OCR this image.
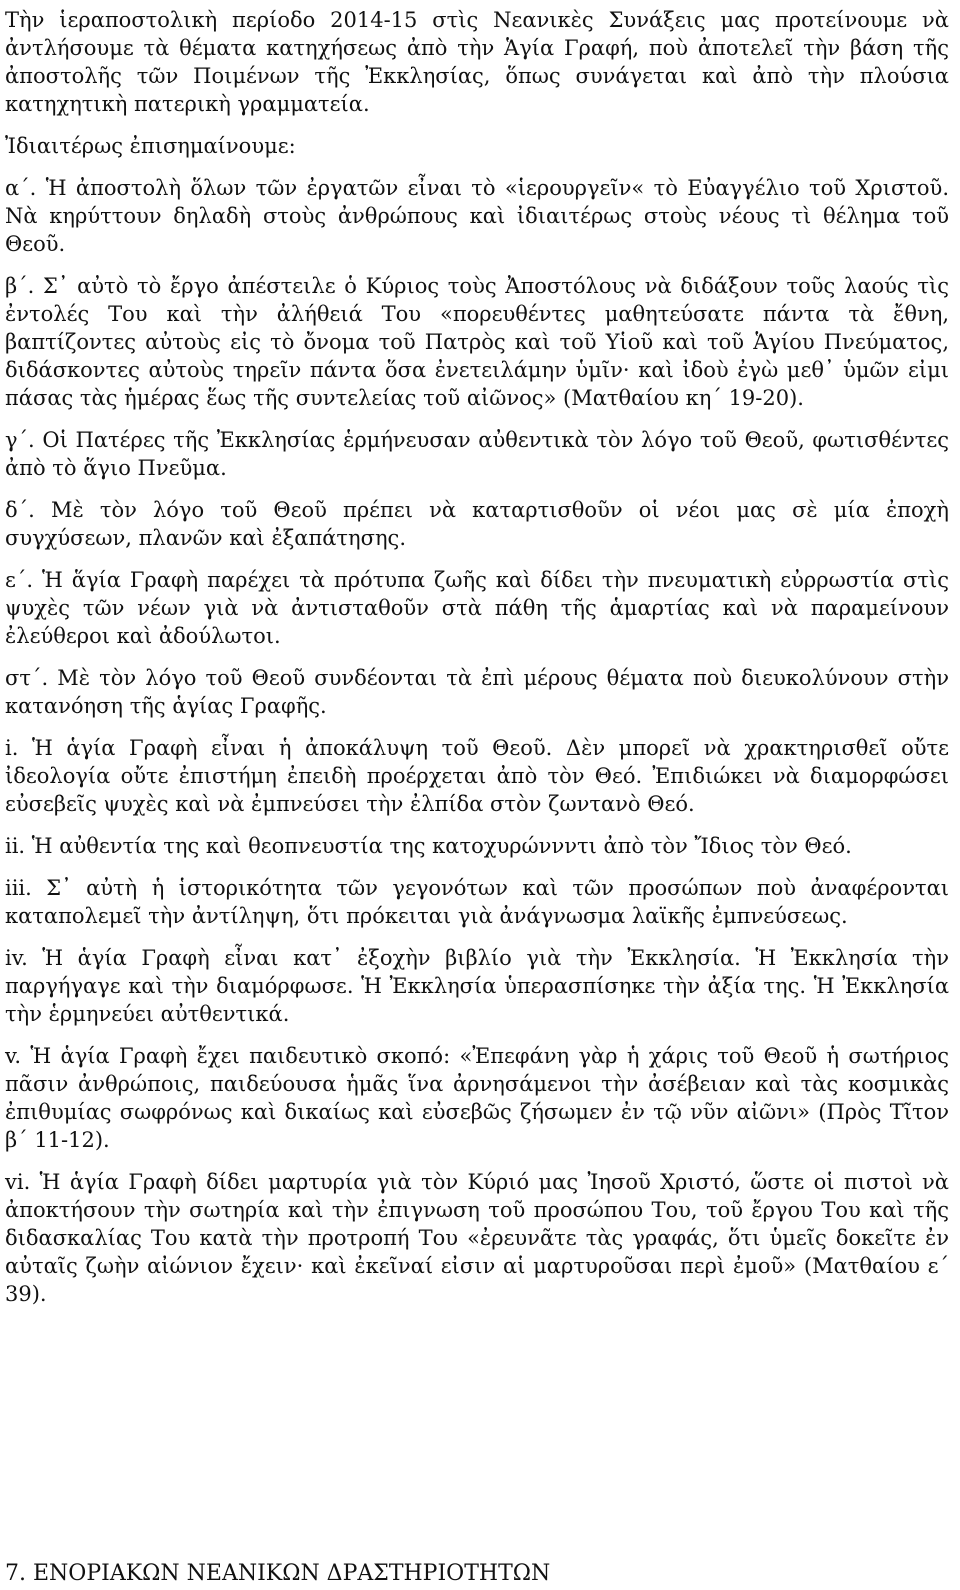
Τὴν ἱεραποστολικὴ περίοδο 2014-15 στὶς Νεανικὲς Συνάξεις μας προτείνουμε νὰ ἀντλήσουμε τὰ θέματα κατηχήσεως ἀπὸ τὴν Ἁγία Γραφή, ποὺ ἀποτελεῖ τὴν βάση τῆς ἀποστολῆς τῶν Ποιμένων τῆς Ἐκκλησίας, ὅπως συνάγεται καὶ ἀπὸ τὴν πλούσια κατηχητικὴ πατερικὴ γραμματεία.

Ἰδιαιτέρως ἐπισημαίνουμε:

α΄. Ἡ ἀποστολὴ ὅλων τῶν ἐργατῶν εἶναι τὸ «ἱερουργεῖν« τὸ Εὐαγγέλιο τοῦ Χριστοῦ. Νὰ κηρύττουν δηλαδὴ στοὺς ἀνθρώπους καὶ ἰδιαιτέρως στοὺς νέους τὶ θέλημα τοῦ Θεοῦ.

β΄. Σ᾽ αὐτὸ τὸ ἔργο ἀπέστειλε ὁ Κύριος τοὺς Ἀποστόλους νὰ διδάξουν τοῦς λαούς τὶς ἐντολές Του καὶ τὴν ἀλήθειά Του «πορευθέντες μαθητεύσατε πάντα τὰ ἔθνη, βαπτίζοντες αὐτοὺς εἰς τὸ ὄνομα τοῦ Πατρὸς καὶ τοῦ Υἱοῦ καὶ τοῦ Ἁγίου Πνεύματος, διδάσκοντες αὐτοὺς τηρεῖν πάντα ὅσα ἐνετειλάμην ὑμῖν· καὶ ἰδοὺ ἐγὼ μεθ᾽ ὑμῶν εἰμι πάσας τὰς ἡμέρας ἕως τῆς συντελείας τοῦ αἰῶνος» (Ματθαίου κη΄ 19-20).

γ΄. Οἱ Πατέρες τῆς Ἐκκλησίας ἑρμήνευσαν αὐθεντικὰ τὸν λόγο τοῦ Θεοῦ, φωτισθέντες ἀπὸ τὸ ἅγιο Πνεῦμα.

δ΄. Μὲ τὸν λόγο τοῦ Θεοῦ πρέπει νὰ καταρτισθοῦν οἱ νέοι μας σὲ μία ἐποχὴ συγχύσεων, πλανῶν καὶ ἐξαπάτησης.

ε΄. Ἡ ἅγία Γραφὴ παρέχει τὰ πρότυπα ζωῆς καὶ δίδει τὴν πνευματικὴ εὐρρωστία στὶς ψυχὲς τῶν νέων γιὰ νὰ ἀντισταθοῦν στὰ πάθη τῆς ἁμαρτίας καὶ νὰ παραμείνουν ἐλεύθεροι καὶ ἀδούλωτοι.

στ΄. Μὲ τὸν λόγο τοῦ Θεοῦ συνδέονται τὰ ἐπὶ μέρους θέματα ποὺ διευκολύνουν στὴν κατανόηση τῆς ἁγίας Γραφῆς.

i. Ἡ ἁγία Γραφὴ εἶναι ἡ ἀποκάλυψη τοῦ Θεοῦ. Δὲν μπορεῖ νὰ χρακτηρισθεῖ οὔτε ἰδεολογία οὔτε ἐπιστήμη ἐπειδὴ προέρχεται ἀπὸ τὸν Θεό. Ἐπιδιώκει νὰ διαμορφώσει εὐσεβεῖς ψυχὲς καὶ νὰ ἐμπνεύσει τὴν ἐλπίδα στὸν ζωντανὸ Θεό.

ii. Ἡ αὐθεντία της καὶ θεοπνευστία της κατοχυρώννντι ἀπὸ τὸν Ἴδιος τὸν Θεό.

iii. Σ᾽ αὐτὴ ἡ ἱστορικότητα τῶν γεγονότων καὶ τῶν προσώπων ποὺ ἀναφέρονται καταπολεμεῖ τὴν ἀντίληψη, ὅτι πρόκειται γιὰ ἀνάγνωσμα λαϊκῆς ἐμπνεύσεως.

iv. Ἡ ἁγία Γραφὴ εἶναι κατ᾽ ἐξοχὴν βιβλίο γιὰ τὴν Ἐκκλησία. Ἡ Ἐκκλησία τὴν παργήγαγε καὶ τὴν διαμόρφωσε. Ἡ Ἐκκλησία ὑπερασπίσηκε τὴν ἀξία της. Ἡ Ἐκκλησία τὴν ἑρμηνεύει αὐτθεντικά.

v. Ἡ ἁγία Γραφὴ ἔχει παιδευτικὸ σκοπό: «Ἐπεφάνη γὰρ ἡ χάρις τοῦ Θεοῦ ἡ σωτήριος πᾶσιν ἀνθρώποις, παιδεύουσα ἡμᾶς ἵνα ἀρνησάμενοι τὴν ἀσέβειαν καὶ τὰς κοσμικὰς ἐπιθυμίας σωφρόνως καὶ δικαίως καὶ εὐσεβῶς ζήσωμεν ἐν τῷ νῦν αἰῶνι» (Πρὸς Τῖτον β΄ 11-12).

vi. Ἡ ἁγία Γραφὴ δίδει μαρτυρία γιὰ τὸν Κύριό μας Ἰησοῦ Χριστό, ὥστε οἱ πιστοὶ νὰ ἀποκτήσουν τὴν σωτηρία καὶ τὴν ἐπιγνωση τοῦ προσώπου Του, τοῦ ἔργου Του καὶ τῆς διδασκαλίας Του κατὰ τὴν προτροπή Του «ἐρευνᾶτε τὰς γραφάς, ὅτι ὑμεῖς δοκεῖτε ἐν αὐταῖς ζωὴν αἰώνιον ἔχειν· καὶ ἐκεῖναί εἰσιν αἱ μαρτυροῦσαι περὶ ἐμοῦ» (Ματθαίου ε΄ 39).

7. ΕΝΟΡΙΑΚΩΝ ΝΕΑΝΙΚΩΝ ΔΡΑΣΤΗΡΙΟΤΗΤΩΝ
